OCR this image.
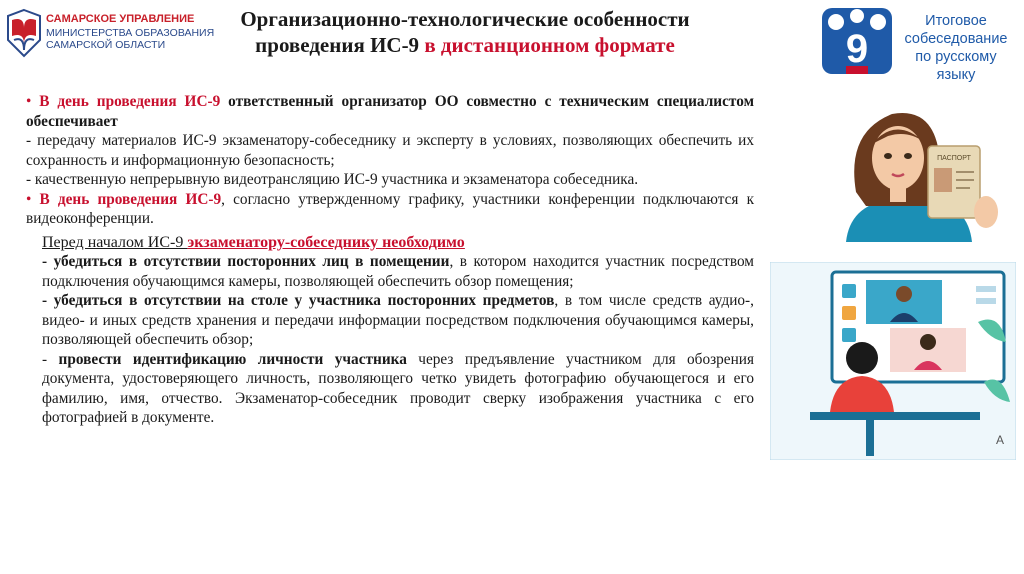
САМАРСКОЕ УПРАВЛЕНИЕ
МИНИСТЕРСТВА ОБРАЗОВАНИЯ
САМАРСКОЙ ОБЛАСТИ
Организационно-технологические особенности
проведения ИС-9 в дистанционном формате	9
Итоговое
собеседование
по русскому языку

• В день проведения ИС-9 ответственный организатор ОО совместно с техническим специалистом обеспечивает

- передачу материалов ИС-9 экзаменатору-собеседнику и эксперту в условиях, позволяющих обеспечить их сохранность и информационную безопасность;

- качественную непрерывную видеотрансляцию ИС-9 участника и экзаменатора собеседника.

• В день проведения ИС-9, согласно утвержденному графику, участники конференции подключаются к видеоконференции.

Перед началом ИС-9 экзаменатору-собеседнику необходимо

- убедиться в отсутствии посторонних лиц в помещении, в котором находится участник посредством подключения обучающимся камеры, позволяющей обеспечить обзор помещения;

- убедиться в отсутствии на столе у участника посторонних предметов, в том числе средств аудио-, видео- и иных средств хранения и передачи информации посредством подключения обучающимся камеры, позволяющей обеспечить обзор;

- провести идентификацию личности участника через предъявление участником для обозрения документа, удостоверяющего личность, позволяющего четко увидеть фотографию обучающегося и его фамилию, имя, отчество. Экзаменатор-собеседник проводит сверку изображения участника с его фотографией в документе.

ПАСПОРТ
A
